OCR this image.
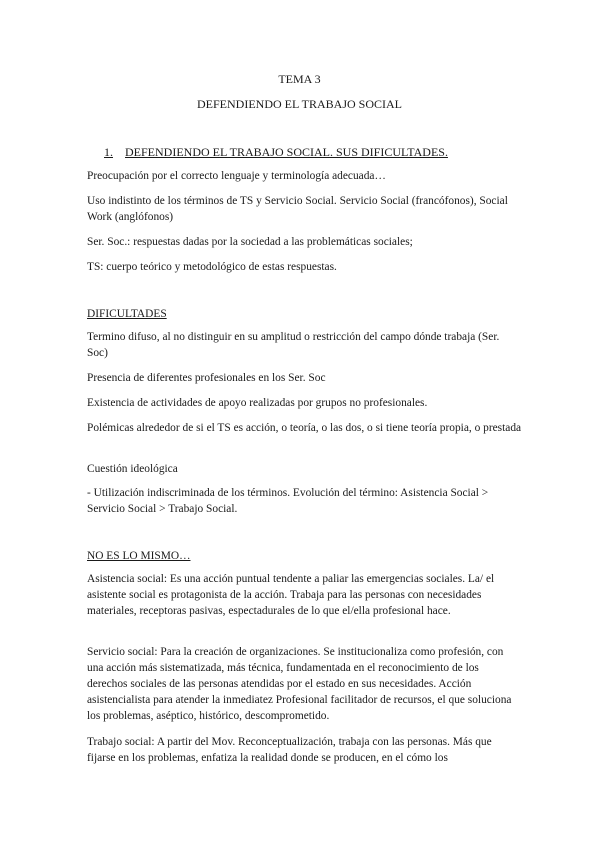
TEMA 3
DEFENDIENDO EL TRABAJO SOCIAL
1. DEFENDIENDO EL TRABAJO SOCIAL. SUS DIFICULTADES.
Preocupación por el correcto lenguaje y terminología adecuada…
Uso indistinto de los términos de TS y Servicio Social. Servicio Social (francófonos), Social Work (anglófonos)
Ser. Soc.: respuestas dadas por la sociedad a las problemáticas sociales;
TS: cuerpo teórico y metodológico de estas respuestas.
DIFICULTADES
Termino difuso, al no distinguir en su amplitud o restricción del campo dónde trabaja (Ser. Soc)
Presencia de diferentes profesionales en los Ser. Soc
Existencia de actividades de apoyo realizadas por grupos no profesionales.
Polémicas alrededor de si el TS es acción, o teoría, o las dos, o si tiene teoría propia, o prestada
Cuestión ideológica
- Utilización indiscriminada de los términos. Evolución del término: Asistencia Social > Servicio Social > Trabajo Social.
NO ES LO MISMO…
Asistencia social: Es una acción puntual tendente a paliar las emergencias sociales. La/ el asistente social es protagonista de la acción. Trabaja para las personas con necesidades materiales, receptoras pasivas, espectadurales de lo que el/ella profesional hace.
Servicio social: Para la creación de organizaciones. Se institucionaliza como profesión, con una acción más sistematizada, más técnica, fundamentada en el reconocimiento de los derechos sociales de las personas atendidas por el estado en sus necesidades. Acción asistencialista para atender la inmediatez Profesional facilitador de recursos, el que soluciona los problemas, aséptico, histórico, descomprometido.
Trabajo social: A partir del Mov. Reconceptualización, trabaja con las personas. Más que fijarse en los problemas, enfatiza la realidad donde se producen, en el cómo los
